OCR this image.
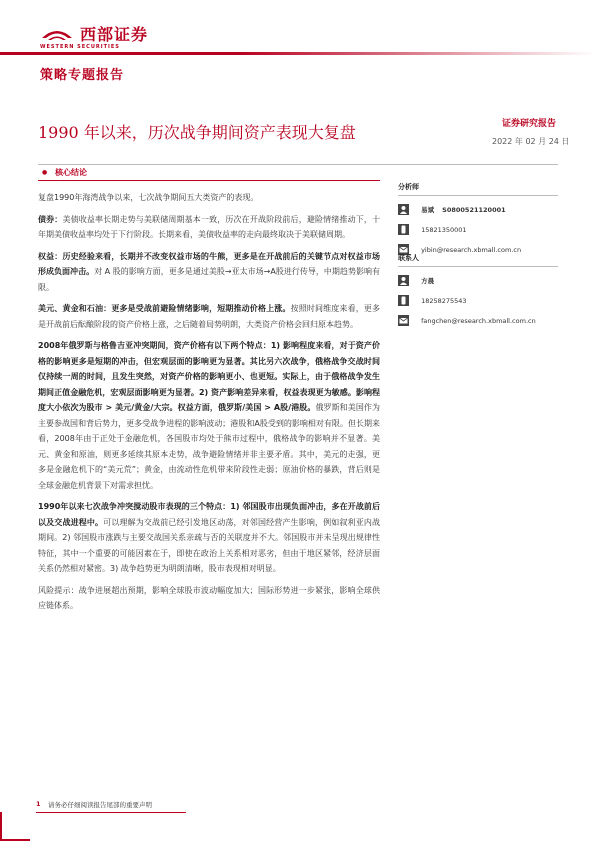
西部证券
WESTERN SECURITIES
策略专题报告
1990 年以来，历次战争期间资产表现大复盘	证券研究报告
2022 年 02 月 24 日
● 核心结论

复盘1990年海湾战争以来，七次战争期间五大类资产的表现。

债券：美债收益率长期走势与美联储周期基本一致，历次在开战阶段前后，避险情绪推动下，十年期美债收益率均处于下行阶段。长期来看，美债收益率的走向最终取决于美联储周期。

权益：历史经验来看，长期并不改变权益市场的牛熊，更多是在开战前后的关键节点对权益市场形成负面冲击。对 A 股的影响方面，更多是通过美股→亚太市场→A股进行传导，中期趋势影响有限。

美元、黄金和石油：更多是受战前避险情绪影响，短期推动价格上涨。按照时间维度来看，更多是开战前后酝酿阶段的资产价格上涨，之后随着局势明朗，大类资产价格会回归原本趋势。

2008年俄罗斯与格鲁吉亚冲突期间，资产价格有以下两个特点：1) 影响程度来看，对于资产价格的影响更多是短期的冲击，但宏观层面的影响更为显著。其比另六次战争，俄格战争交战时间仅持续一周的时间，且发生突然，对资产价格的影响更小、也更短。实际上，由于俄格战争发生期间正值金融危机，宏观层面影响更为显著。2) 资产影响差异来看，权益表现更为敏感。影响程度大小依次为股市 > 美元/黄金/大宗。权益方面，俄罗斯/美国 > A股/港股。俄罗斯和美国作为主要参战国和背后势力，更多受战争进程的影响波动；港股和A股受到的影响相对有限。但长期来看，2008年由于正处于金融危机，各国股市均处于熊市过程中，俄格战争的影响并不显著。美元、黄金和原油，则更多延续其原本走势，战争避险情绪并非主要矛盾。其中，美元的走强，更多是金融危机下的“美元荒”；黄金，由流动性危机带来阶段性走弱；原油价格的暴跌，背后则是全球金融危机背景下对需求担忧。

1990年以来七次战争冲突搅动股市表现的三个特点：1) 邻国股市出现负面冲击，多在开战前后以及交战进程中。可以理解为交战前已经引发地区动荡，对邻国经营产生影响，例如叙利亚内战期间。2) 邻国股市涨跌与主要交战国关系亲疏与否的关联度并不大。邻国股市并未呈现出规律性特征，其中一个重要的可能因素在于，即使在政治上关系相对恶劣，但由于地区紧邻，经济层面关系仍然相对紧密。3) 战争趋势更为明朗清晰，股市表现相对明显。

风险提示：战争进展超出预期，影响全球股市波动幅度加大；国际形势进一步紧张，影响全球供应链体系。

分析师
易斌 S0800521120001
15821350001
yibin@research.xbmall.com.cn
联系人
方晨
18258275543
fangchen@research.xbmall.com.cn
1 请务必仔细阅读报告尾部的重要声明
